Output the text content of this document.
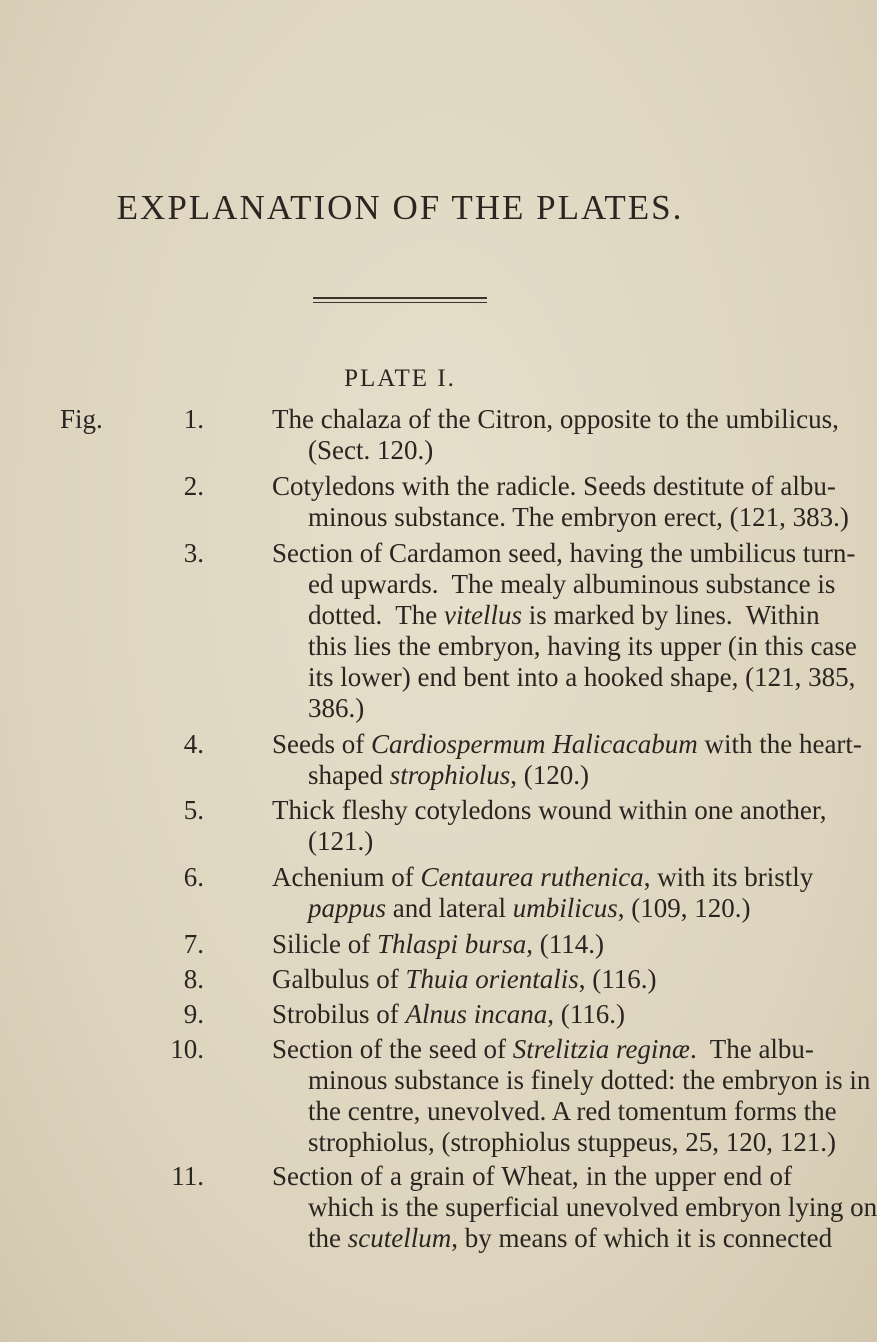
EXPLANATION OF THE PLATES.
PLATE I.
Fig.	1.	The chalaza of the Citron, opposite to the umbilicus,
(Sect. 120.)
2.	Cotyledons with the radicle. Seeds destitute of albu-
minous substance. The embryon erect, (121, 383.)
3.	Section of Cardamon seed, having the umbilicus turn-
ed upwards.  The mealy albuminous substance is
dotted.  The vitellus is marked by lines.  Within
this lies the embryon, having its upper (in this case
its lower) end bent into a hooked shape, (121, 385,
386.)
4.	Seeds of Cardiospermum Halicacabum with the heart-
shaped strophiolus, (120.)
5.	Thick fleshy cotyledons wound within one another,
(121.)
6.	Achenium of Centaurea ruthenica, with its bristly
pappus and lateral umbilicus, (109, 120.)
7.	Silicle of Thlaspi bursa, (114.)
8.	Galbulus of Thuia orientalis, (116.)
9.	Strobilus of Alnus incana, (116.)
10.	Section of the seed of Strelitzia reginæ.  The albu-
minous substance is finely dotted: the embryon is in
the centre, unevolved. A red tomentum forms the
strophiolus, (strophiolus stuppeus, 25, 120, 121.)
11.	Section of a grain of Wheat, in the upper end of
which is the superficial unevolved embryon lying on
the scutellum, by means of which it is connected
